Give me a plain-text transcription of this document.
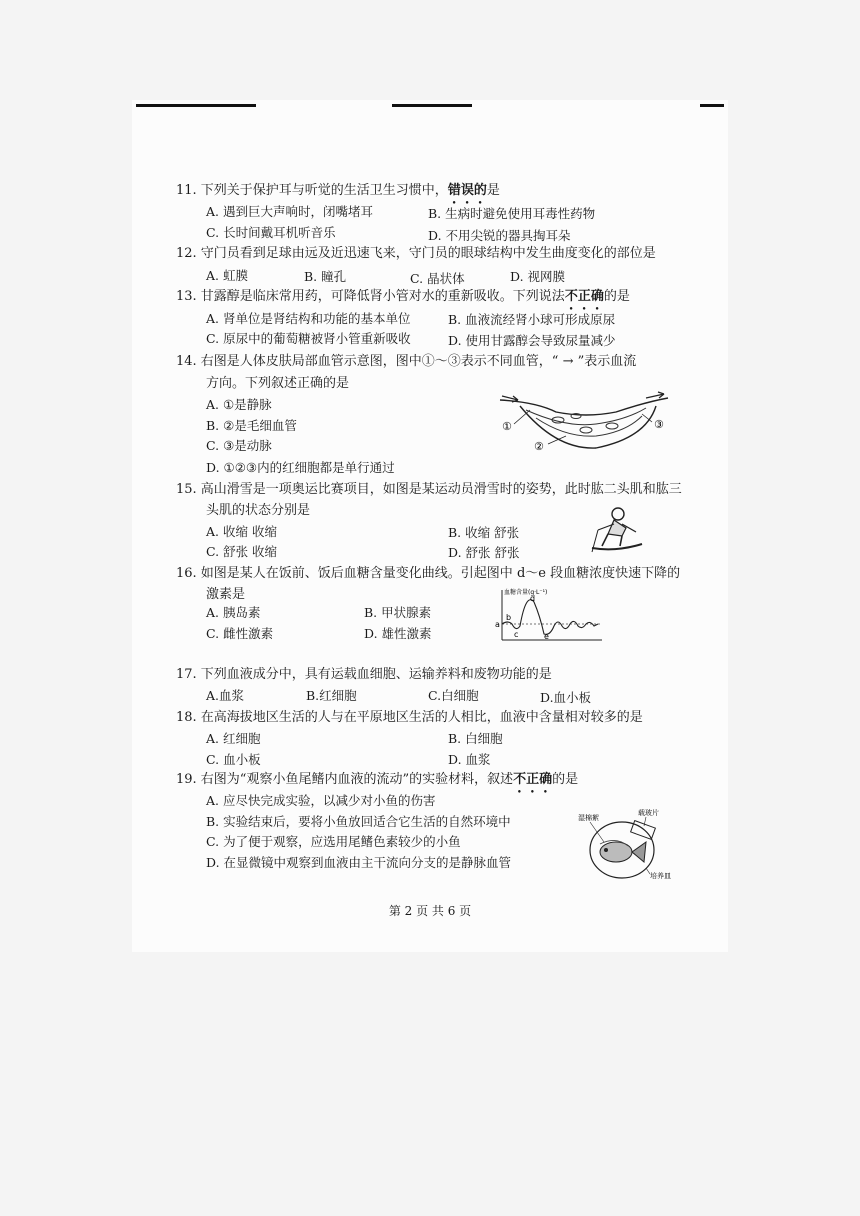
11. 下列关于保护耳与听觉的生活卫生习惯中，错误的是
A. 遇到巨大声响时，闭嘴堵耳	B. 生病时避免使用耳毒性药物
C. 长时间戴耳机听音乐	D. 不用尖锐的器具掏耳朵
12. 守门员看到足球由远及近迅速飞来，守门员的眼球结构中发生曲度变化的部位是
A. 虹膜	B. 瞳孔	C. 晶状体	D. 视网膜
13. 甘露醇是临床常用药，可降低肾小管对水的重新吸收。下列说法不正确的是
A. 肾单位是肾结构和功能的基本单位	B. 血液流经肾小球可形成原尿
C. 原尿中的葡萄糖被肾小管重新吸收	D. 使用甘露醇会导致尿量减少
14. 右图是人体皮肤局部血管示意图，图中①～③表示不同血管，“ → ”表示血流
方向。下列叙述正确的是
A. ①是静脉
B. ②是毛细血管
C. ③是动脉
D. ①②③内的红细胞都是单行通过
①
②
③
15. 高山滑雪是一项奥运比赛项目，如图是某运动员滑雪时的姿势，此时肱二头肌和肱三
头肌的状态分别是
A. 收缩 收缩	B. 收缩 舒张
C. 舒张 收缩	D. 舒张 舒张
16. 如图是某人在饭前、饭后血糖含量变化曲线。引起图中 d～e 段血糖浓度快速下降的
激素是
A. 胰岛素	B. 甲状腺素
C. 雌性激素	D. 雄性激素
血糖含量(g·L⁻¹)
a
b
c
d
e
17. 下列血液成分中，具有运载血细胞、运输养料和废物功能的是
A.血浆	B.红细胞	C.白细胞	D.血小板
18. 在高海拔地区生活的人与在平原地区生活的人相比，血液中含量相对较多的是
A. 红细胞	B. 白细胞
C. 血小板	D. 血浆
19. 右图为“观察小鱼尾鳍内血液的流动”的实验材料，叙述不正确的是
A. 应尽快完成实验，以减少对小鱼的伤害
B. 实验结束后，要将小鱼放回适合它生活的自然环境中
C. 为了便于观察，应选用尾鳍色素较少的小鱼
D. 在显微镜中观察到血液由主干流向分支的是静脉血管
湿棉絮
载玻片
培养皿
第 2 页 共 6 页
